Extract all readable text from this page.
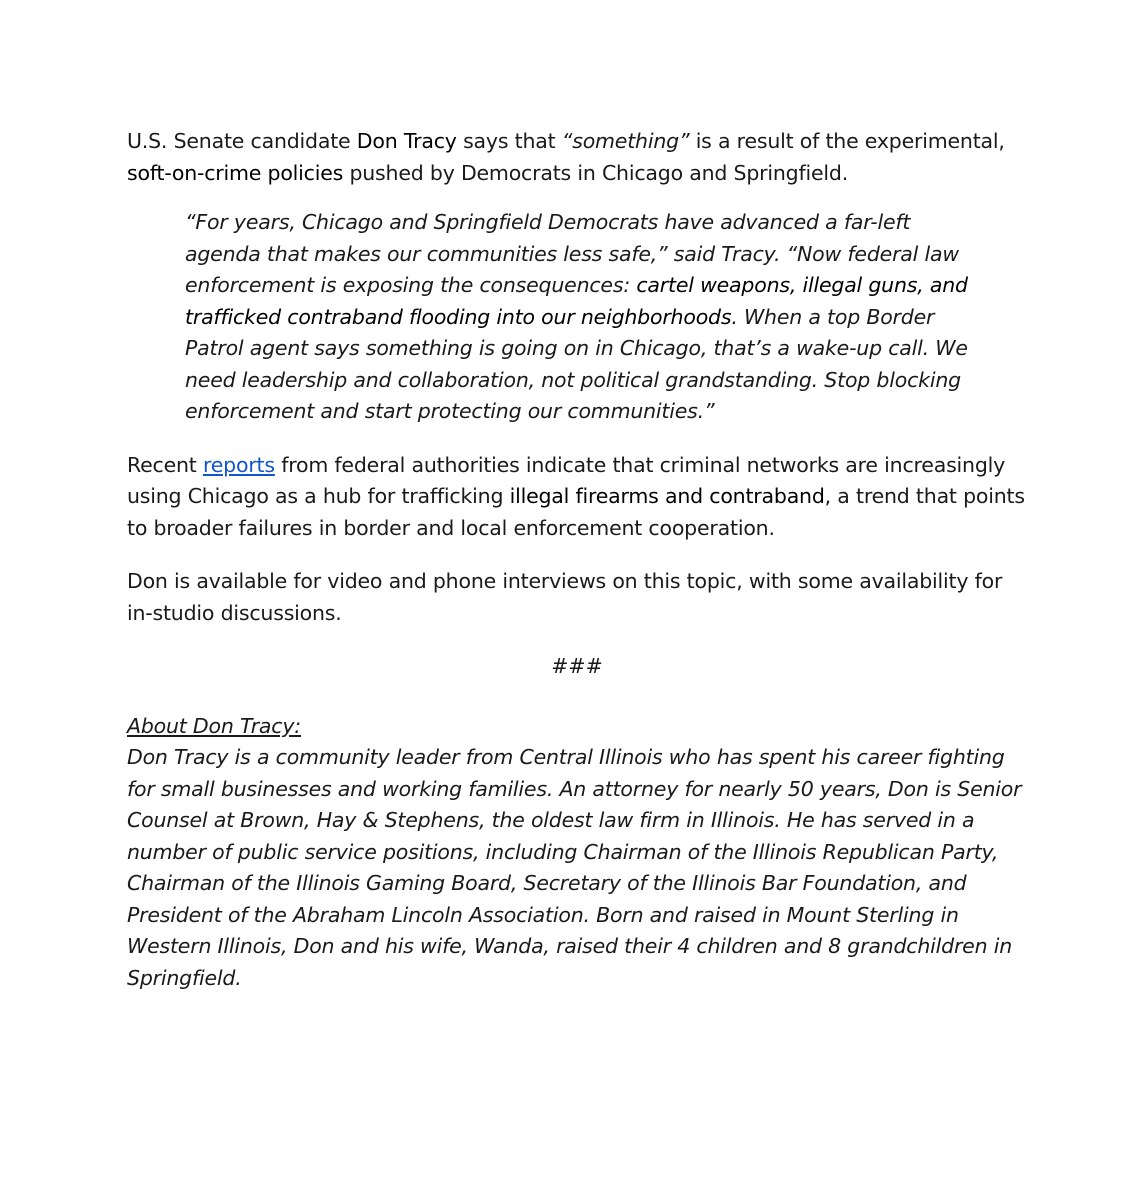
U.S. Senate candidate Don Tracy says that “something” is a result of the experimental, soft-on-crime policies pushed by Democrats in Chicago and Springfield.

“For years, Chicago and Springfield Democrats have advanced a far-left agenda that makes our communities less safe,” said Tracy. “Now federal law enforcement is exposing the consequences: cartel weapons, illegal guns, and trafficked contraband flooding into our neighborhoods. When a top Border Patrol agent says something is going on in Chicago, that’s a wake-up call. We need leadership and collaboration, not political grandstanding. Stop blocking enforcement and start protecting our communities.”

Recent reports from federal authorities indicate that criminal networks are increasingly using Chicago as a hub for trafficking illegal firearms and contraband, a trend that points to broader failures in border and local enforcement cooperation.

Don is available for video and phone interviews on this topic, with some availability for in-studio discussions.

###

About Don Tracy:

Don Tracy is a community leader from Central Illinois who has spent his career fighting for small businesses and working families. An attorney for nearly 50 years, Don is Senior Counsel at Brown, Hay & Stephens, the oldest law firm in Illinois. He has served in a number of public service positions, including Chairman of the Illinois Republican Party, Chairman of the Illinois Gaming Board, Secretary of the Illinois Bar Foundation, and President of the Abraham Lincoln Association. Born and raised in Mount Sterling in Western Illinois, Don and his wife, Wanda, raised their 4 children and 8 grandchildren in Springfield.
